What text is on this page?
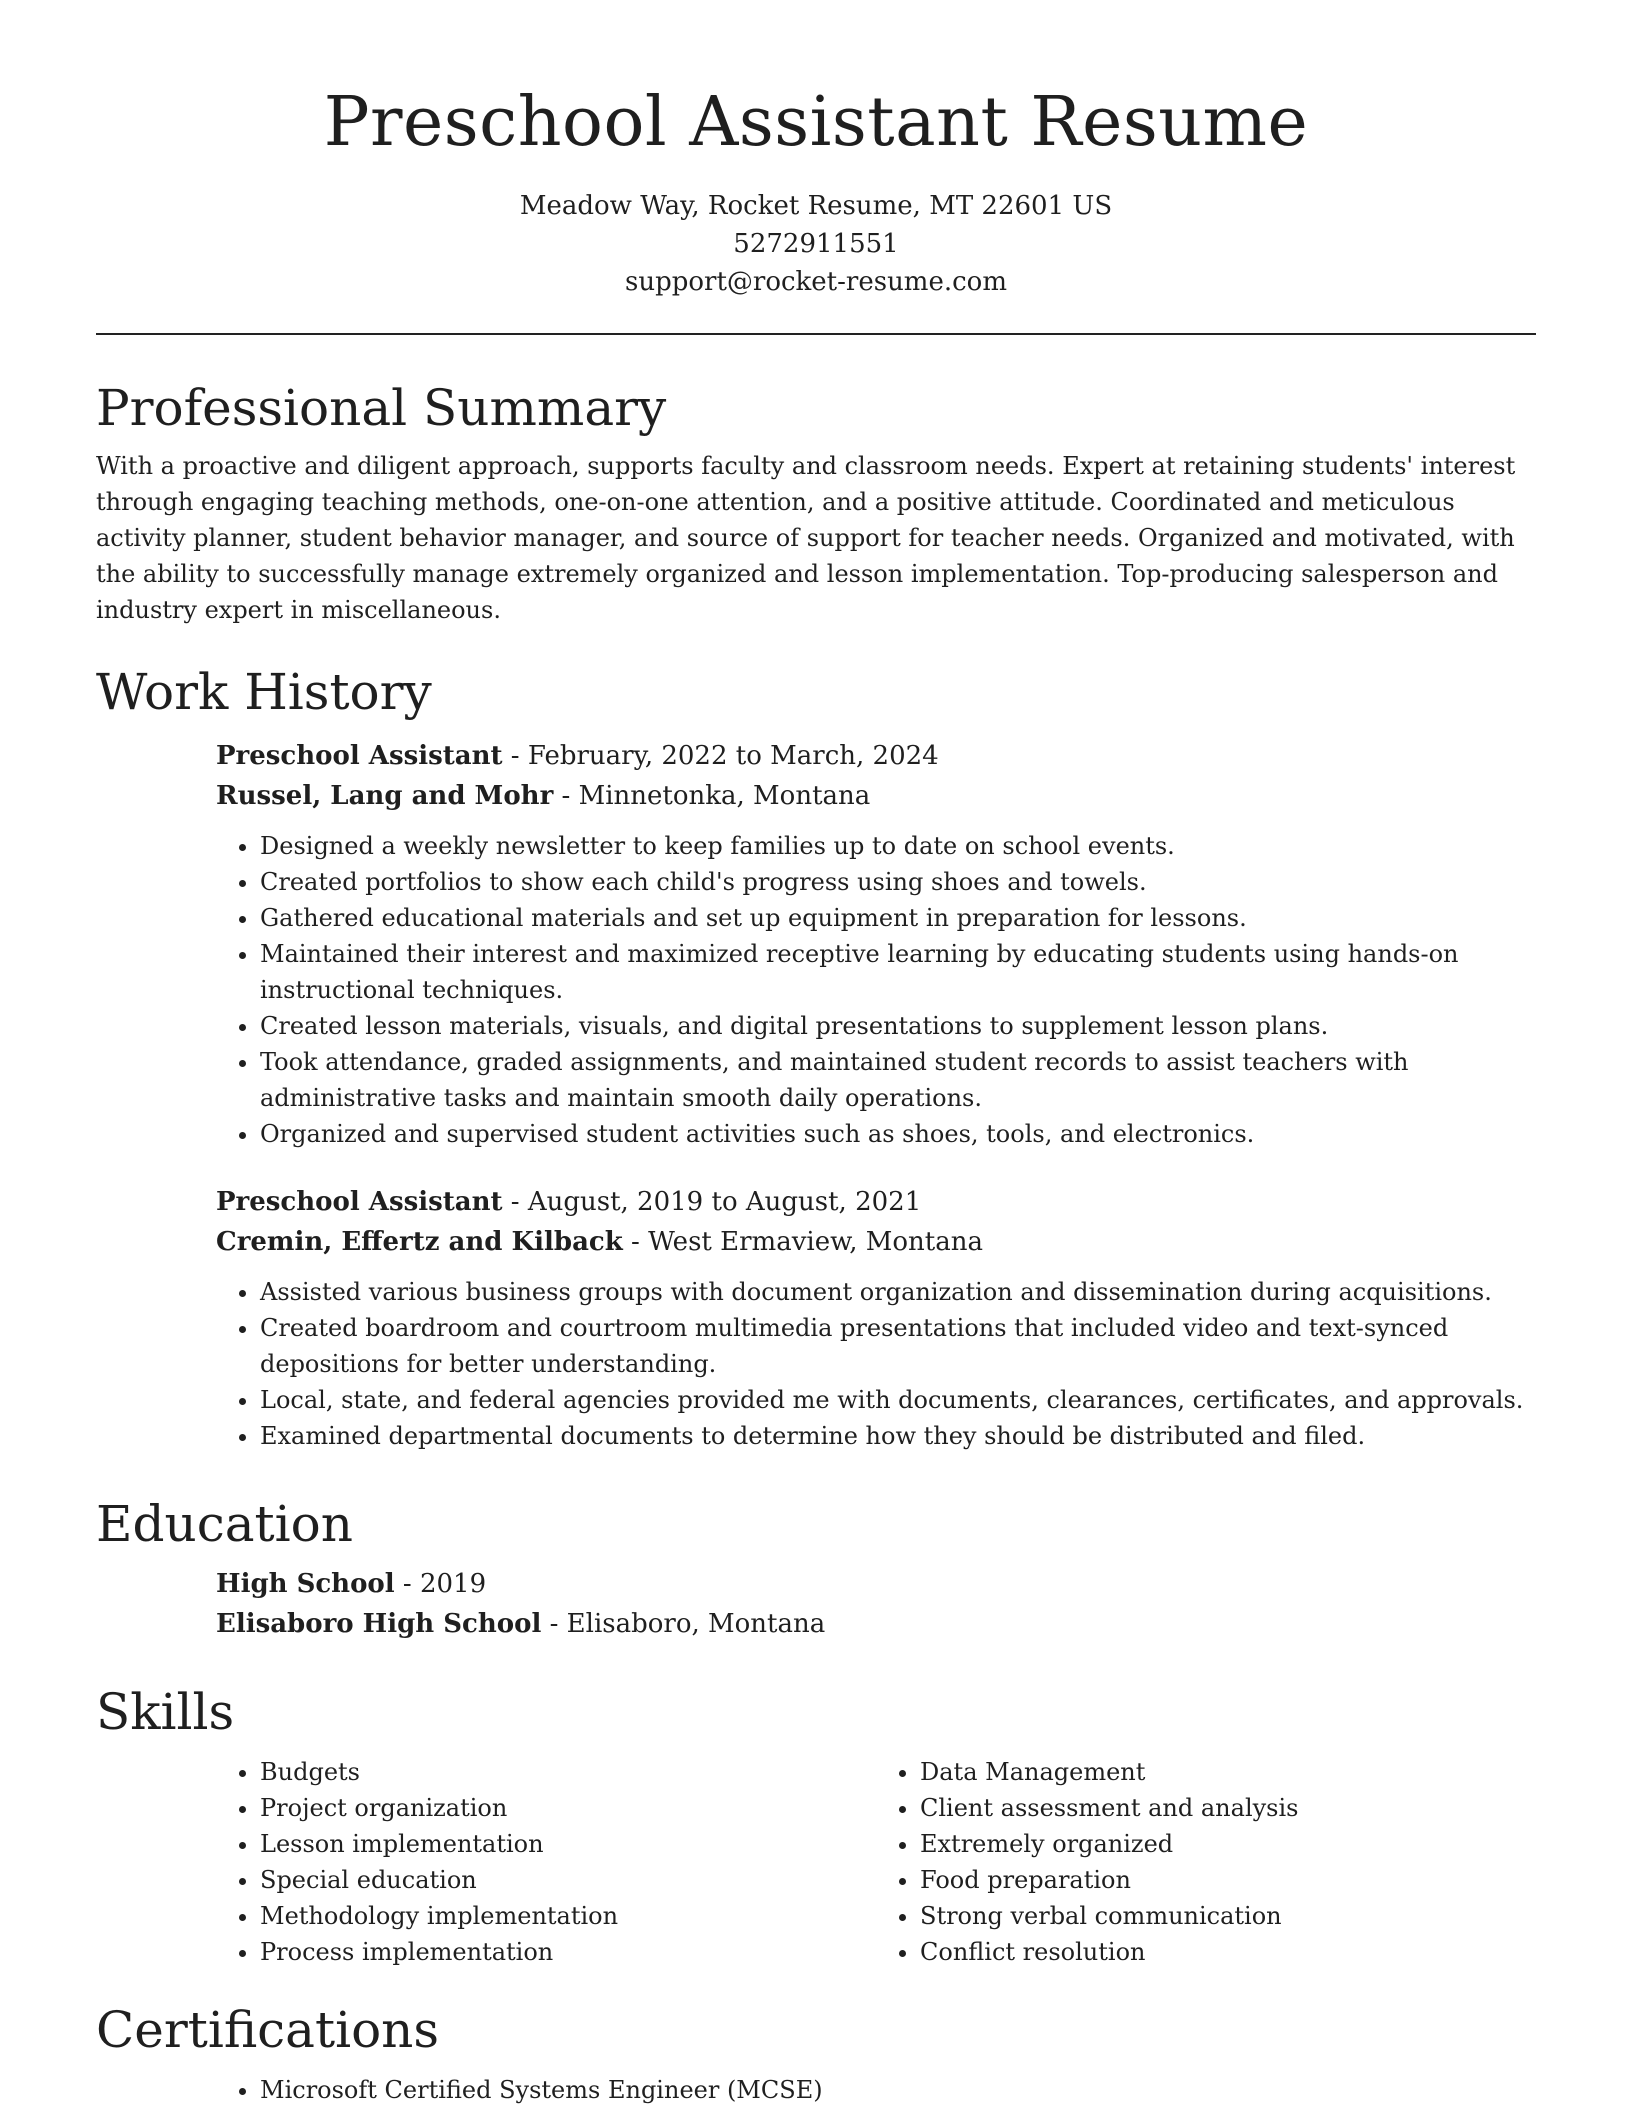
Preschool Assistant Resume
Meadow Way, Rocket Resume, MT 22601 US
5272911551
support@rocket-resume.com
Professional Summary

With a proactive and diligent approach, supports faculty and classroom needs. Expert at retaining students' interest through engaging teaching methods, one-on-one attention, and a positive attitude. Coordinated and meticulous activity planner, student behavior manager, and source of support for teacher needs. Organized and motivated, with the ability to successfully manage extremely organized and lesson implementation. Top-producing salesperson and industry expert in miscellaneous.

Work History
Preschool Assistant - February, 2022 to March, 2024
Russel, Lang and Mohr - Minnetonka, Montana
• Designed a weekly newsletter to keep families up to date on school events.
• Created portfolios to show each child's progress using shoes and towels.
• Gathered educational materials and set up equipment in preparation for lessons.
• Maintained their interest and maximized receptive learning by educating students using hands-on instructional techniques.
• Created lesson materials, visuals, and digital presentations to supplement lesson plans.
• Took attendance, graded assignments, and maintained student records to assist teachers with administrative tasks and maintain smooth daily operations.
• Organized and supervised student activities such as shoes, tools, and electronics.
Preschool Assistant - August, 2019 to August, 2021
Cremin, Effertz and Kilback - West Ermaview, Montana
• Assisted various business groups with document organization and dissemination during acquisitions.
• Created boardroom and courtroom multimedia presentations that included video and text-synced depositions for better understanding.
• Local, state, and federal agencies provided me with documents, clearances, certificates, and approvals.
• Examined departmental documents to determine how they should be distributed and filed.
Education
High School - 2019
Elisaboro High School - Elisaboro, Montana
Skills
• Budgets
• Project organization
• Lesson implementation
• Special education
• Methodology implementation
• Process implementation
• Data Management
• Client assessment and analysis
• Extremely organized
• Food preparation
• Strong verbal communication
• Conflict resolution
Certifications
• Microsoft Certified Systems Engineer (MCSE)
